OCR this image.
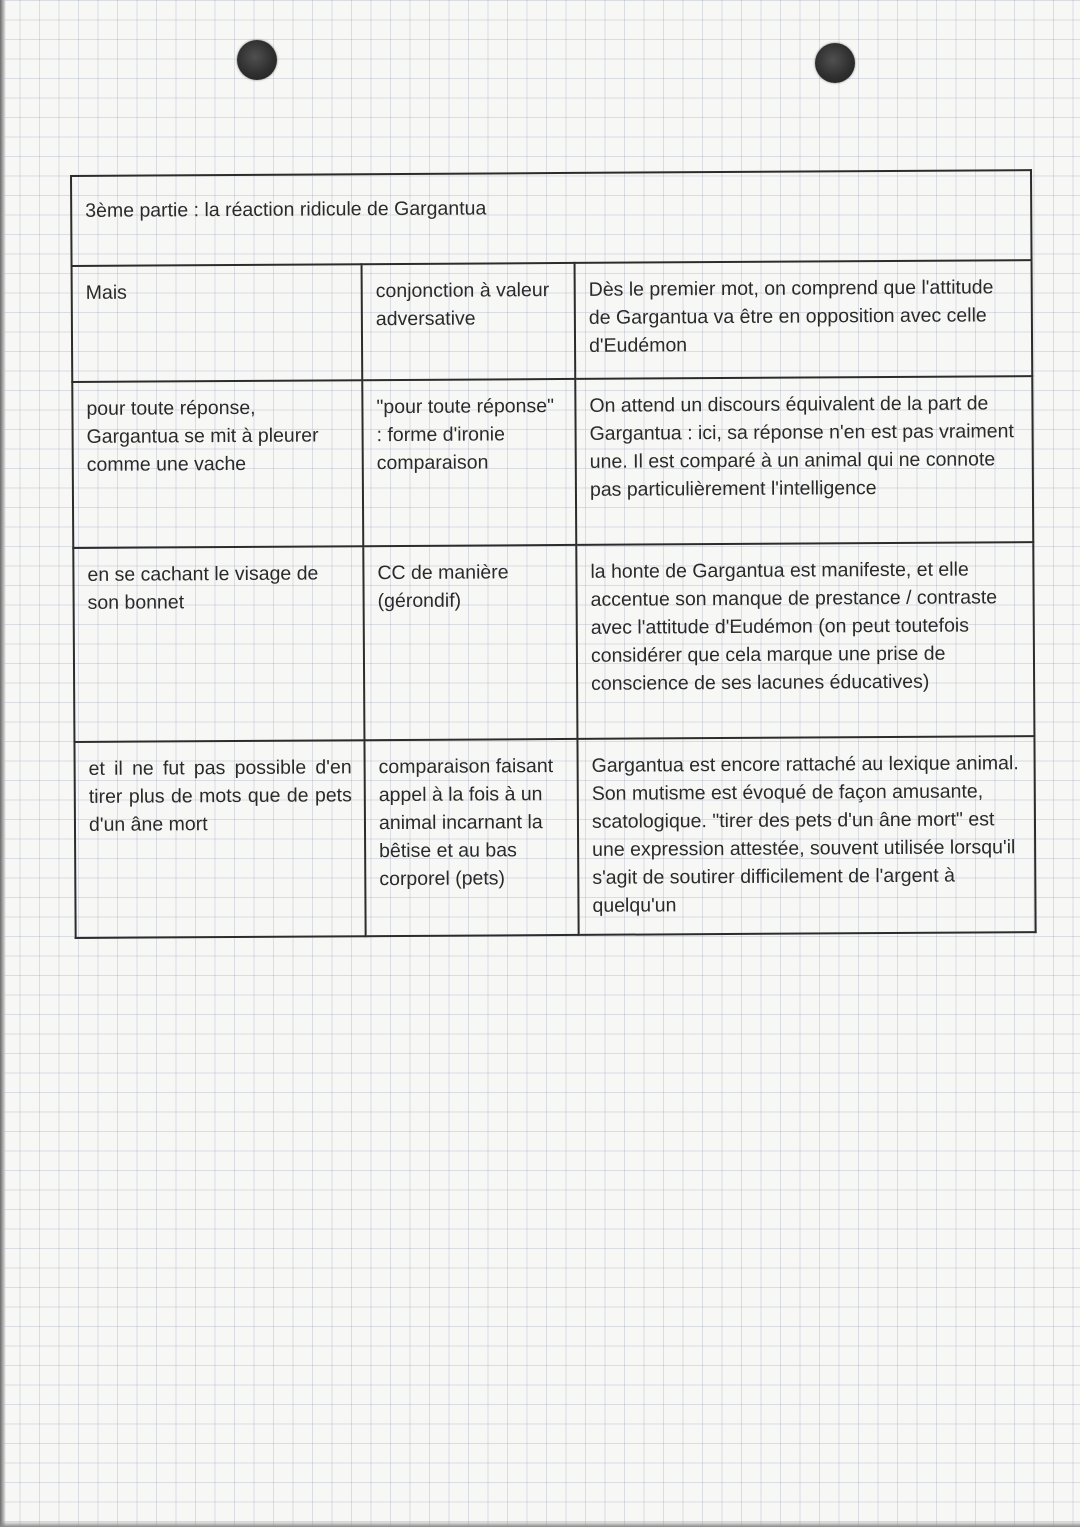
3ème partie : la réaction ridicule de Gargantua		

Mais	conjonction à valeur adversative	Dès le premier mot, on comprend que l'attitude de Gargantua va être en opposition avec celle d'Eudémon

pour toute réponse, Gargantua se mit à pleurer comme une vache	"pour toute réponse" : forme d'ironie comparaison	On attend un discours équivalent de la part de Gargantua : ici, sa réponse n'en est pas vraiment une. Il est comparé à un animal qui ne connote pas particulièrement l'intelligence

en se cachant le visage de son bonnet	CC de manière (gérondif)	la honte de Gargantua est manifeste, et elle accentue son manque de prestance / contraste avec l'attitude d'Eudémon (on peut toutefois considérer que cela marque une prise de conscience de ses lacunes éducatives)

et il ne fut pas possible d'en tirer plus de mots que de pets d'un âne mort	comparaison faisant appel à la fois à un animal incarnant la bêtise et au bas corporel (pets)	Gargantua est encore rattaché au lexique animal. Son mutisme est évoqué de façon amusante, scatologique. "tirer des pets d'un âne mort" est une expression attestée, souvent utilisée lorsqu'il s'agit de soutirer difficilement de l'argent à quelqu'un
